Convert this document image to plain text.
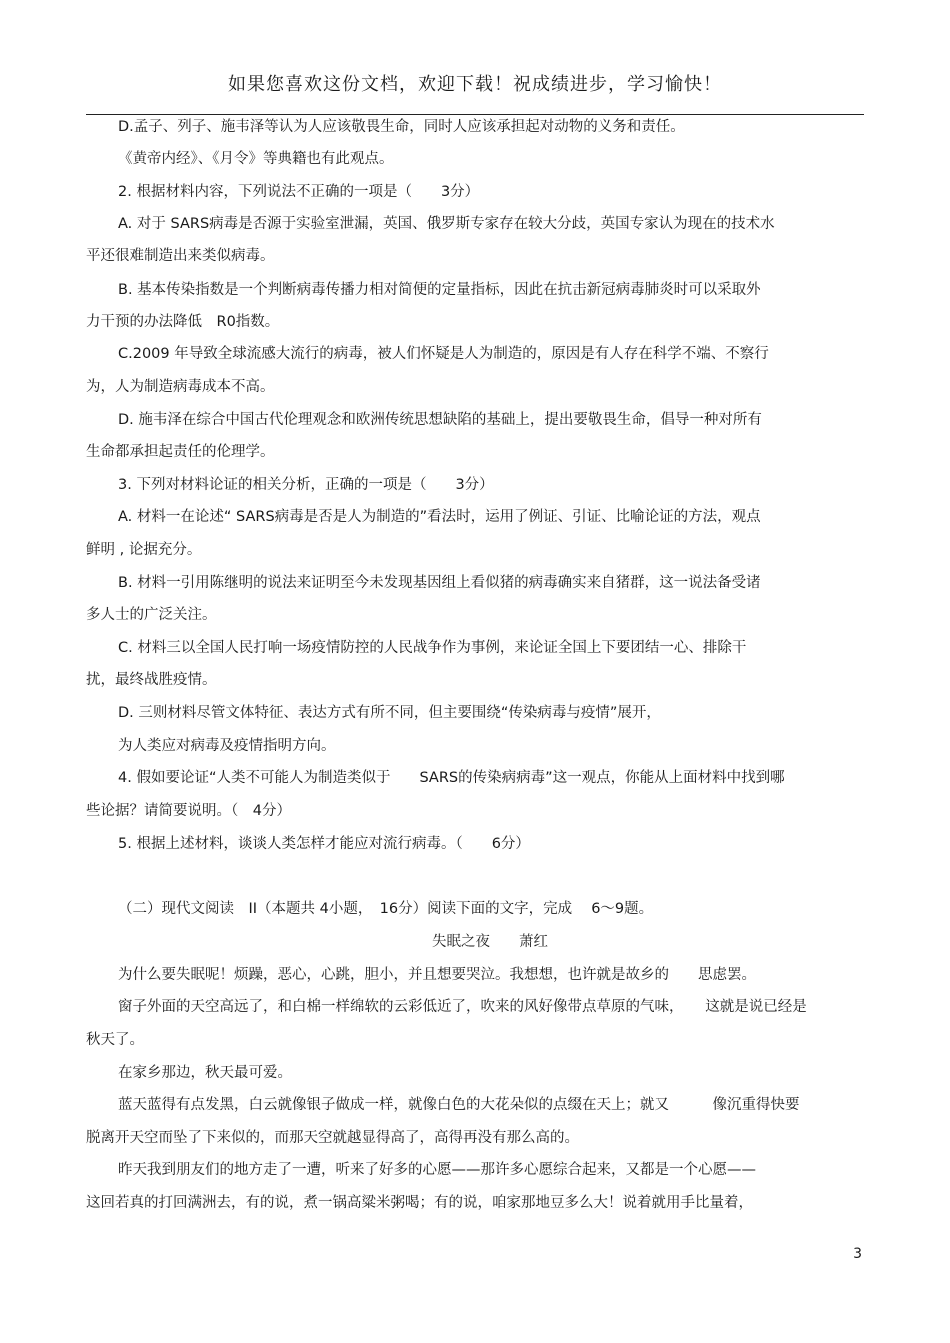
如果您喜欢这份文档，欢迎下载！祝成绩进步，学习愉快！
D.孟子、列子、施韦泽等认为人应该敬畏生命，同时人应该承担起对动物的义务和责任。
《黄帝内经》、《月令》等典籍也有此观点。
2. 根据材料内容，下列说法不正确的一项是（　　3分）
A. 对于 SARS病毒是否源于实验室泄漏，英国、俄罗斯专家存在较大分歧，英国专家认为现在的技术水
平还很难制造出来类似病毒。
B. 基本传染指数是一个判断病毒传播力相对简便的定量指标，因此在抗击新冠病毒肺炎时可以采取外
力干预的办法降低　R0指数。
C.2009 年导致全球流感大流行的病毒，被人们怀疑是人为制造的，原因是有人存在科学不端、不察行
为，人为制造病毒成本不高。
D. 施韦泽在综合中国古代伦理观念和欧洲传统思想缺陷的基础上，提出要敬畏生命，倡导一种对所有
生命都承担起责任的伦理学。
3. 下列对材料论证的相关分析，正确的一项是（　　3分）
A. 材料一在论述“ SARS病毒是否是人为制造的”看法时，运用了例证、引证、比喻论证的方法，观点
鲜明 , 论据充分。
B. 材料一引用陈继明的说法来证明至今未发现基因组上看似猪的病毒确实来自猪群，这一说法备受诸
多人士的广泛关注。
C. 材料三以全国人民打响一场疫情防控的人民战争作为事例，来论证全国上下要团结一心、排除干
扰，最终战胜疫情。
D. 三则材料尽管文体特征、表达方式有所不同，但主要围绕“传染病毒与疫情”展开，
为人类应对病毒及疫情指明方向。
4. 假如要论证“人类不可能人为制造类似于　　SARS的传染病病毒”这一观点，你能从上面材料中找到哪
些论据？请简要说明。（　4分）
5. 根据上述材料，谈谈人类怎样才能应对流行病毒。（　　6分）
（二）现代文阅读　II（本题共 4小题，　16分）阅读下面的文字，完成　 6～9题。
失眠之夜　　萧红
为什么要失眠呢！烦躁，恶心，心跳，胆小，并且想要哭泣。我想想，也许就是故乡的　　思虑罢。
窗子外面的天空高远了，和白棉一样绵软的云彩低近了，吹来的风好像带点草原的气味，　　这就是说已经是
秋天了。
在家乡那边，秋天最可爱。
蓝天蓝得有点发黑，白云就像银子做成一样，就像白色的大花朵似的点缀在天上；就又　　　像沉重得快要
脱离开天空而坠了下来似的，而那天空就越显得高了，高得再没有那么高的。
昨天我到朋友们的地方走了一遭，听来了好多的心愿——那许多心愿综合起来，又都是一个心愿——
这回若真的打回满洲去，有的说，煮一锅高粱米粥喝；有的说，咱家那地豆多么大！说着就用手比量着，
3
